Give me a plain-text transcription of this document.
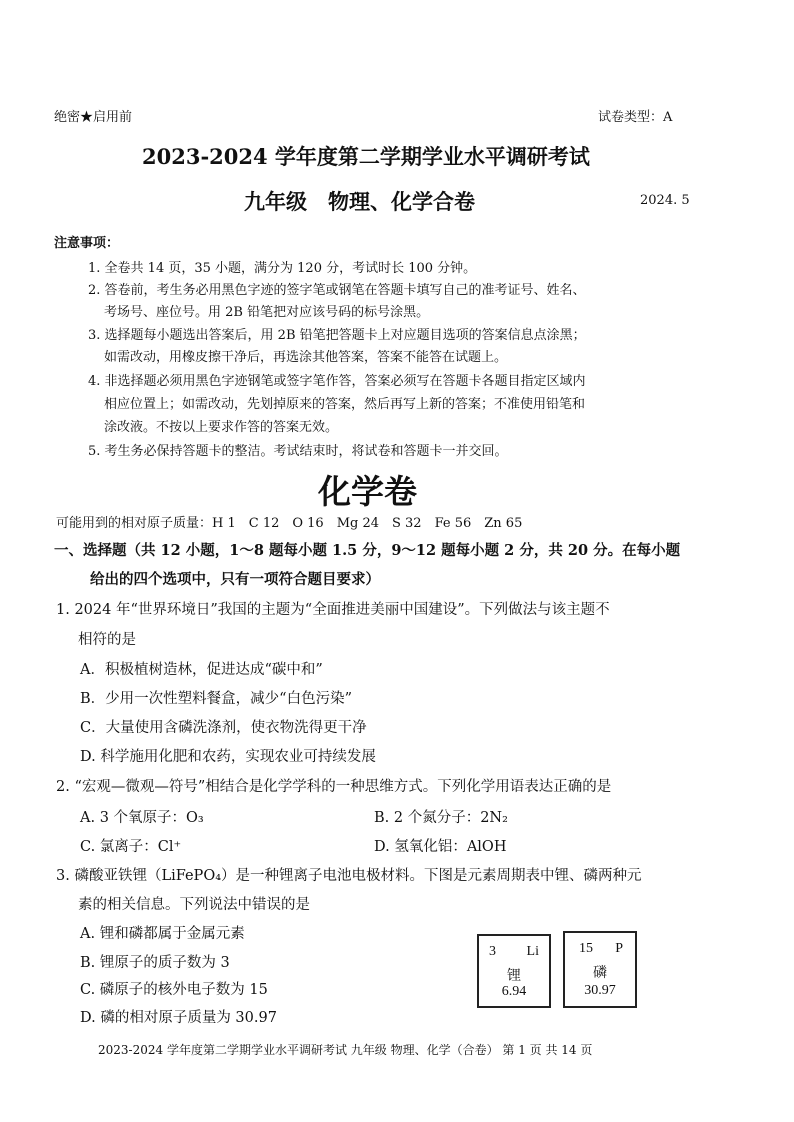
绝密★启用前	试卷类型：A
2023-2024 学年度第二学期学业水平调研考试
九年级　物理、化学合卷	2024. 5
注意事项：
1. 全卷共 14 页，35 小题，满分为 120 分，考试时长 100 分钟。
2. 答卷前，考生务必用黑色字迹的签字笔或钢笔在答题卡填写自己的准考证号、姓名、
考场号、座位号。用 2B 铅笔把对应该号码的标号涂黑。
3. 选择题每小题选出答案后，用 2B 铅笔把答题卡上对应题目选项的答案信息点涂黑；
如需改动，用橡皮擦干净后，再选涂其他答案，答案不能答在试题上。
4. 非选择题必须用黑色字迹钢笔或签字笔作答，答案必须写在答题卡各题目指定区域内
相应位置上；如需改动，先划掉原来的答案，然后再写上新的答案；不准使用铅笔和
涂改液。不按以上要求作答的答案无效。
5. 考生务必保持答题卡的整洁。考试结束时，将试卷和答题卡一并交回。
化学卷
可能用到的相对原子质量：H 1　C 12　O 16　Mg 24　S 32　Fe 56　Zn 65
一、选择题（共 12 小题，1～8 题每小题 1.5 分，9～12 题每小题 2 分，共 20 分。在每小题
给出的四个选项中，只有一项符合题目要求）
1. 2024 年“世界环境日”我国的主题为“全面推进美丽中国建设”。下列做法与该主题不
相符的是
A．积极植树造林，促进达成“碳中和”
B．少用一次性塑料餐盒，减少“白色污染”
C．大量使用含磷洗涤剂，使衣物洗得更干净
D. 科学施用化肥和农药，实现农业可持续发展
2. “宏观—微观—符号”相结合是化学学科的一种思维方式。下列化学用语表达正确的是
A. 3 个氧原子：O₃	B. 2 个氮分子：2N₂
C. 氯离子：Cl⁺	D. 氢氧化铝：AlOH
3. 磷酸亚铁锂（LiFePO₄）是一种锂离子电池电极材料。下图是元素周期表中锂、磷两种元
素的相关信息。下列说法中错误的是
A. 锂和磷都属于金属元素
B. 锂原子的质子数为 3
C. 磷原子的核外电子数为 15
D. 磷的相对原子质量为 30.97
3 Li
锂
6.94
15 P
磷
30.97
2023-2024 学年度第二学期学业水平调研考试 九年级 物理、化学（合卷） 第 1 页 共 14 页
